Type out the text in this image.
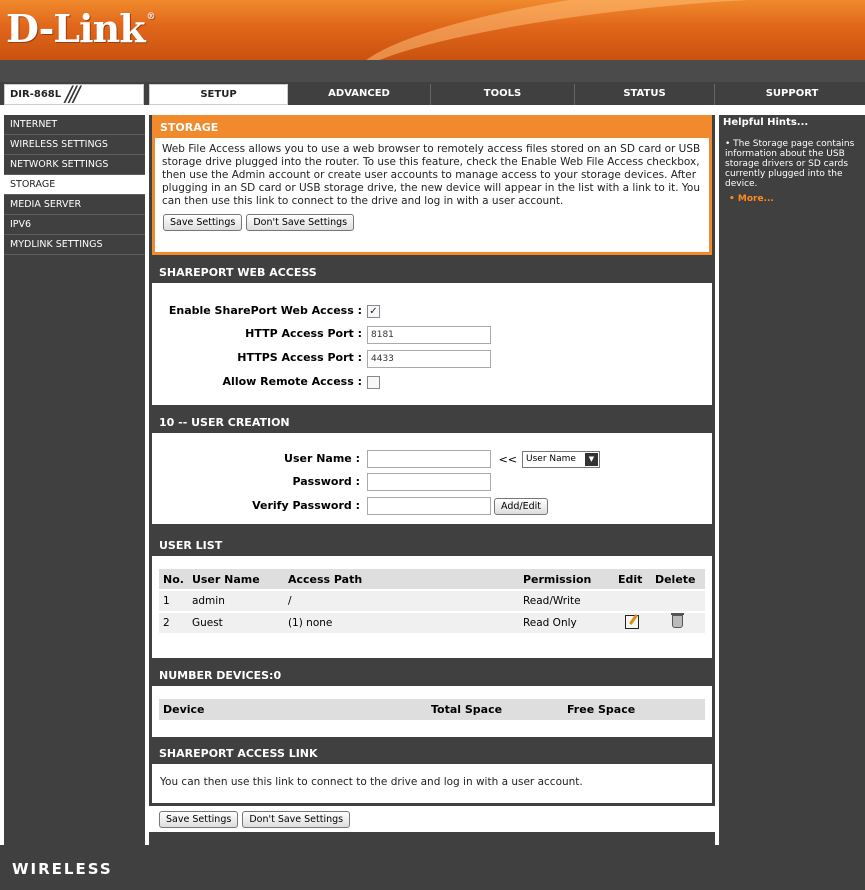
D-Link ®
DIR-868L ///	SETUP	ADVANCED	TOOLS	STATUS	SUPPORT
INTERNET
WIRELESS SETTINGS
NETWORK SETTINGS
STORAGE
MEDIA SERVER
IPV6
MYDLINK SETTINGS
Helpful Hints...
• The Storage page contains information about the USB storage drivers or SD cards currently plugged into the device.
• More...
STORAGE

Web File Access allows you to use a web browser to remotely access files stored on an SD card or USB storage drive plugged into the router. To use this feature, check the Enable Web File Access checkbox, then use the Admin account or create user accounts to manage access to your storage devices. After plugging in an SD card or USB storage drive, the new device will appear in the list with a link to it. You can then use this link to connect to the drive and log in with a user account.

Save Settings Don't Save Settings
SHAREPORT WEB ACCESS
Enable SharePort Web Access : ✓
HTTP Access Port :	8181
HTTPS Access Port :	4433
Allow Remote Access :
10 -- USER CREATION
User Name :	<<	User Name	▼
Password :
Verify Password :	Add/Edit
USER LIST
No.	User Name	Access Path	Permission	Edit	Delete
1	admin	/	Read/Write		
2	Guest	(1) none	Read Only		
NUMBER DEVICES:0
Device	Total Space	Free Space
SHAREPORT ACCESS LINK

You can then use this link to connect to the drive and log in with a user account.

Save Settings Don't Save Settings
WIRELESS
